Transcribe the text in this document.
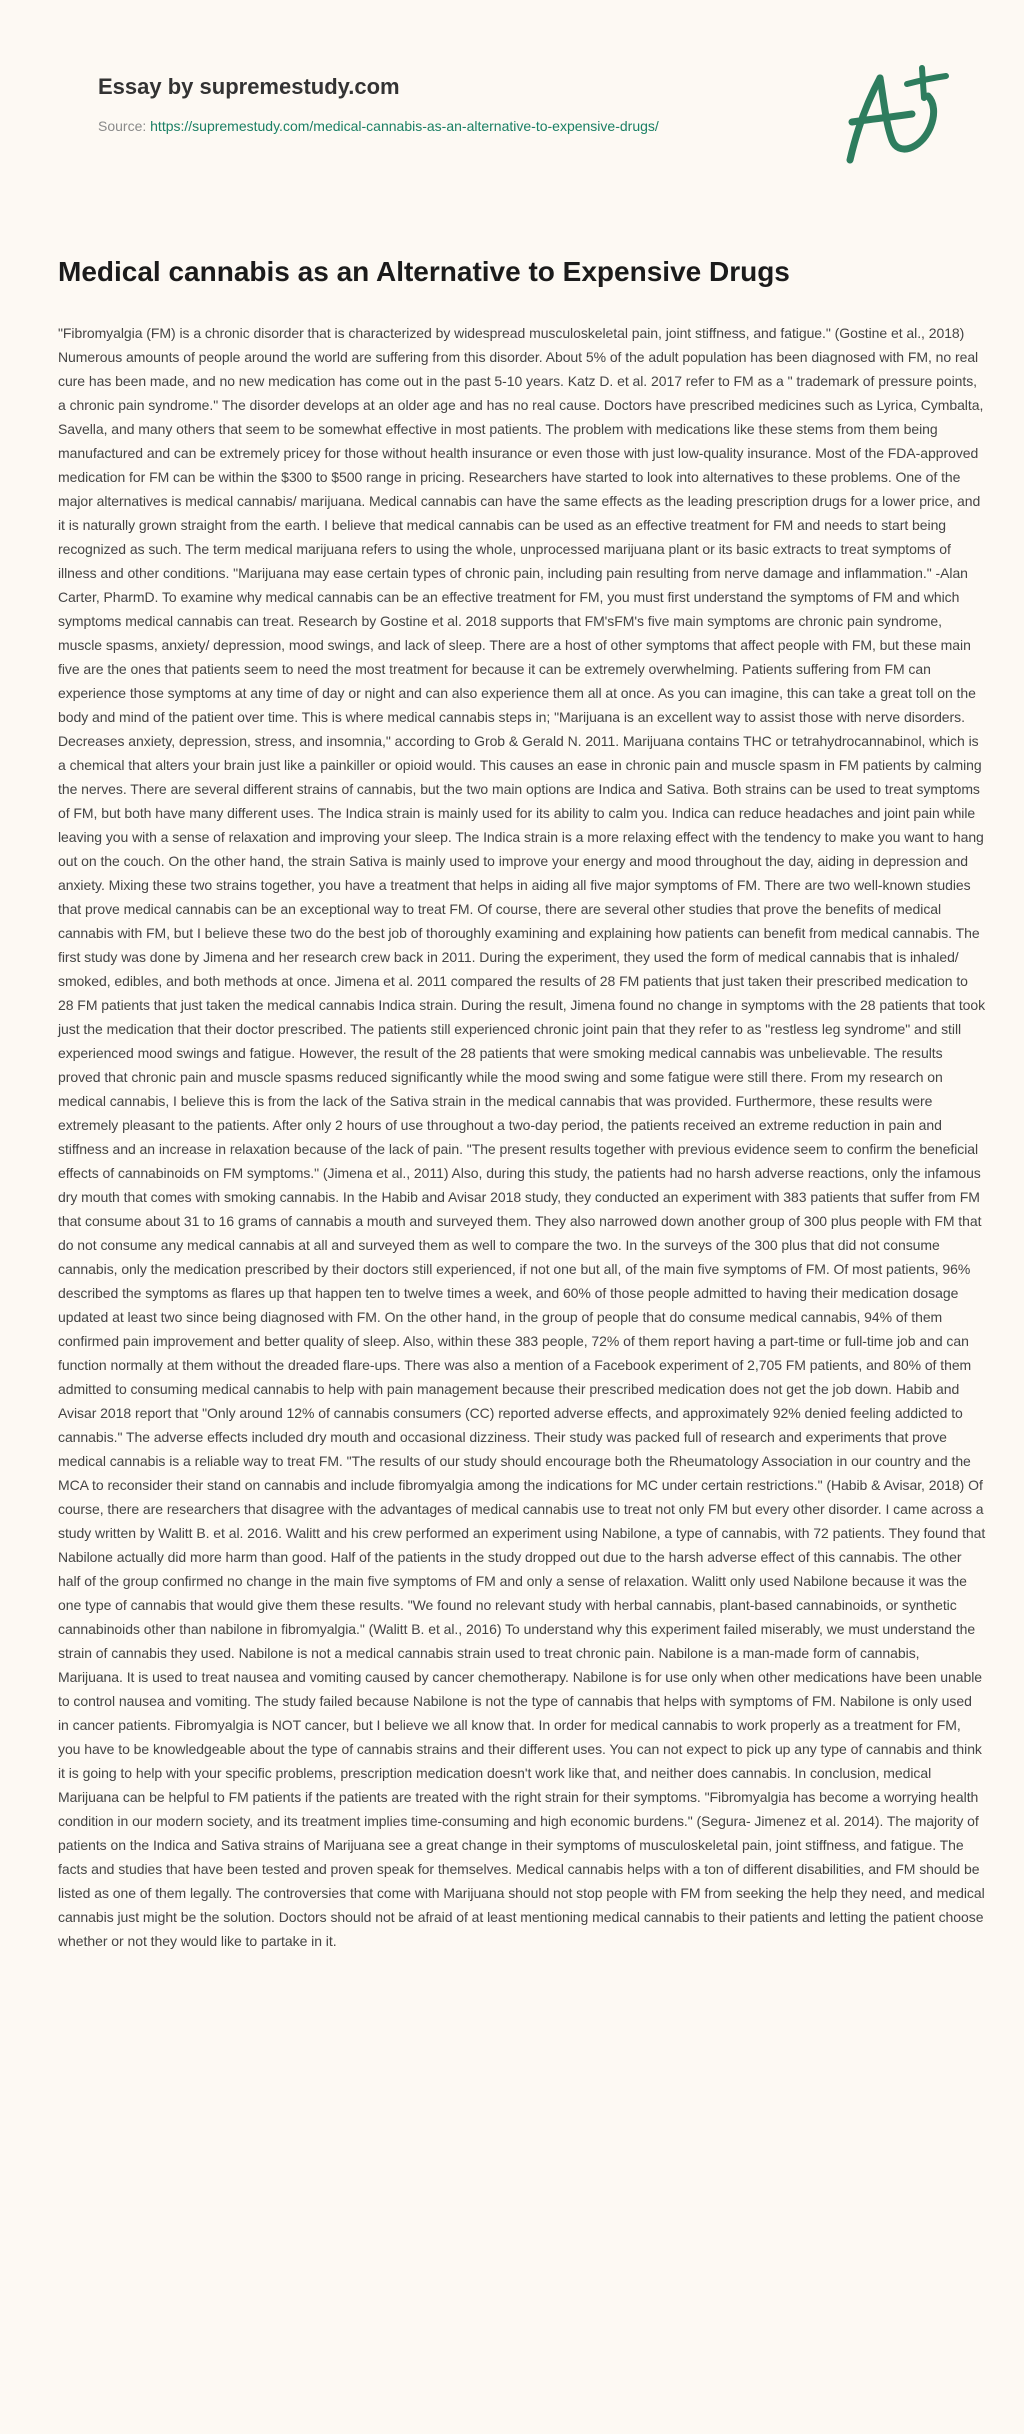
Essay by supremestudy.com
Source: https://supremestudy.com/medical-cannabis-as-an-alternative-to-expensive-drugs/
Medical cannabis as an Alternative to Expensive Drugs

"Fibromyalgia (FM) is a chronic disorder that is characterized by widespread musculoskeletal pain, joint stiffness, and fatigue." (Gostine et al., 2018) Numerous amounts of people around the world are suffering from this disorder. About 5% of the adult population has been diagnosed with FM, no real cure has been made, and no new medication has come out in the past 5-10 years. Katz D. et al. 2017 refer to FM as a " trademark of pressure points, a chronic pain syndrome." The disorder develops at an older age and has no real cause. Doctors have prescribed medicines such as Lyrica, Cymbalta, Savella, and many others that seem to be somewhat effective in most patients. The problem with medications like these stems from them being manufactured and can be extremely pricey for those without health insurance or even those with just low-quality insurance. Most of the FDA-approved medication for FM can be within the $300 to $500 range in pricing. Researchers have started to look into alternatives to these problems. One of the major alternatives is medical cannabis/ marijuana. Medical cannabis can have the same effects as the leading prescription drugs for a lower price, and it is naturally grown straight from the earth. I believe that medical cannabis can be used as an effective treatment for FM and needs to start being recognized as such. The term medical marijuana refers to using the whole, unprocessed marijuana plant or its basic extracts to treat symptoms of illness and other conditions. "Marijuana may ease certain types of chronic pain, including pain resulting from nerve damage and inflammation." -Alan Carter, PharmD. To examine why medical cannabis can be an effective treatment for FM, you must first understand the symptoms of FM and which symptoms medical cannabis can treat. Research by Gostine et al. 2018 supports that FM'sFM's five main symptoms are chronic pain syndrome, muscle spasms, anxiety/ depression, mood swings, and lack of sleep. There are a host of other symptoms that affect people with FM, but these main five are the ones that patients seem to need the most treatment for because it can be extremely overwhelming. Patients suffering from FM can experience those symptoms at any time of day or night and can also experience them all at once. As you can imagine, this can take a great toll on the body and mind of the patient over time. This is where medical cannabis steps in; "Marijuana is an excellent way to assist those with nerve disorders. Decreases anxiety, depression, stress, and insomnia," according to Grob & Gerald N. 2011. Marijuana contains THC or tetrahydrocannabinol, which is a chemical that alters your brain just like a painkiller or opioid would. This causes an ease in chronic pain and muscle spasm in FM patients by calming the nerves. There are several different strains of cannabis, but the two main options are Indica and Sativa. Both strains can be used to treat symptoms of FM, but both have many different uses. The Indica strain is mainly used for its ability to calm you. Indica can reduce headaches and joint pain while leaving you with a sense of relaxation and improving your sleep. The Indica strain is a more relaxing effect with the tendency to make you want to hang out on the couch. On the other hand, the strain Sativa is mainly used to improve your energy and mood throughout the day, aiding in depression and anxiety. Mixing these two strains together, you have a treatment that helps in aiding all five major symptoms of FM. There are two well-known studies that prove medical cannabis can be an exceptional way to treat FM. Of course, there are several other studies that prove the benefits of medical cannabis with FM, but I believe these two do the best job of thoroughly examining and explaining how patients can benefit from medical cannabis. The first study was done by Jimena and her research crew back in 2011. During the experiment, they used the form of medical cannabis that is inhaled/ smoked, edibles, and both methods at once. Jimena et al. 2011 compared the results of 28 FM patients that just taken their prescribed medication to 28 FM patients that just taken the medical cannabis Indica strain. During the result, Jimena found no change in symptoms with the 28 patients that took just the medication that their doctor prescribed. The patients still experienced chronic joint pain that they refer to as "restless leg syndrome" and still experienced mood swings and fatigue. However, the result of the 28 patients that were smoking medical cannabis was unbelievable. The results proved that chronic pain and muscle spasms reduced significantly while the mood swing and some fatigue were still there. From my research on medical cannabis, I believe this is from the lack of the Sativa strain in the medical cannabis that was provided. Furthermore, these results were extremely pleasant to the patients. After only 2 hours of use throughout a two-day period, the patients received an extreme reduction in pain and stiffness and an increase in relaxation because of the lack of pain. "The present results together with previous evidence seem to confirm the beneficial effects of cannabinoids on FM symptoms." (Jimena et al., 2011) Also, during this study, the patients had no harsh adverse reactions, only the infamous dry mouth that comes with smoking cannabis. In the Habib and Avisar 2018 study, they conducted an experiment with 383 patients that suffer from FM that consume about 31 to 16 grams of cannabis a mouth and surveyed them. They also narrowed down another group of 300 plus people with FM that do not consume any medical cannabis at all and surveyed them as well to compare the two. In the surveys of the 300 plus that did not consume cannabis, only the medication prescribed by their doctors still experienced, if not one but all, of the main five symptoms of FM. Of most patients, 96% described the symptoms as flares up that happen ten to twelve times a week, and 60% of those people admitted to having their medication dosage updated at least two since being diagnosed with FM. On the other hand, in the group of people that do consume medical cannabis, 94% of them confirmed pain improvement and better quality of sleep. Also, within these 383 people, 72% of them report having a part-time or full-time job and can function normally at them without the dreaded flare-ups. There was also a mention of a Facebook experiment of 2,705 FM patients, and 80% of them admitted to consuming medical cannabis to help with pain management because their prescribed medication does not get the job down. Habib and Avisar 2018 report that "Only around 12% of cannabis consumers (CC) reported adverse effects, and approximately 92% denied feeling addicted to cannabis." The adverse effects included dry mouth and occasional dizziness. Their study was packed full of research and experiments that prove medical cannabis is a reliable way to treat FM. "The results of our study should encourage both the Rheumatology Association in our country and the MCA to reconsider their stand on cannabis and include fibromyalgia among the indications for MC under certain restrictions." (Habib & Avisar, 2018) Of course, there are researchers that disagree with the advantages of medical cannabis use to treat not only FM but every other disorder. I came across a study written by Walitt B. et al. 2016. Walitt and his crew performed an experiment using Nabilone, a type of cannabis, with 72 patients. They found that Nabilone actually did more harm than good. Half of the patients in the study dropped out due to the harsh adverse effect of this cannabis. The other half of the group confirmed no change in the main five symptoms of FM and only a sense of relaxation. Walitt only used Nabilone because it was the one type of cannabis that would give them these results. "We found no relevant study with herbal cannabis, plant-based cannabinoids, or synthetic cannabinoids other than nabilone in fibromyalgia." (Walitt B. et al., 2016) To understand why this experiment failed miserably, we must understand the strain of cannabis they used. Nabilone is not a medical cannabis strain used to treat chronic pain. Nabilone is a man-made form of cannabis, Marijuana. It is used to treat nausea and vomiting caused by cancer chemotherapy. Nabilone is for use only when other medications have been unable to control nausea and vomiting. The study failed because Nabilone is not the type of cannabis that helps with symptoms of FM. Nabilone is only used in cancer patients. Fibromyalgia is NOT cancer, but I believe we all know that. In order for medical cannabis to work properly as a treatment for FM, you have to be knowledgeable about the type of cannabis strains and their different uses. You can not expect to pick up any type of cannabis and think it is going to help with your specific problems, prescription medication doesn't work like that, and neither does cannabis. In conclusion, medical Marijuana can be helpful to FM patients if the patients are treated with the right strain for their symptoms. "Fibromyalgia has become a worrying health condition in our modern society, and its treatment implies time-consuming and high economic burdens." (Segura- Jimenez et al. 2014). The majority of patients on the Indica and Sativa strains of Marijuana see a great change in their symptoms of musculoskeletal pain, joint stiffness, and fatigue. The facts and studies that have been tested and proven speak for themselves. Medical cannabis helps with a ton of different disabilities, and FM should be listed as one of them legally. The controversies that come with Marijuana should not stop people with FM from seeking the help they need, and medical cannabis just might be the solution. Doctors should not be afraid of at least mentioning medical cannabis to their patients and letting the patient choose whether or not they would like to partake in it.
